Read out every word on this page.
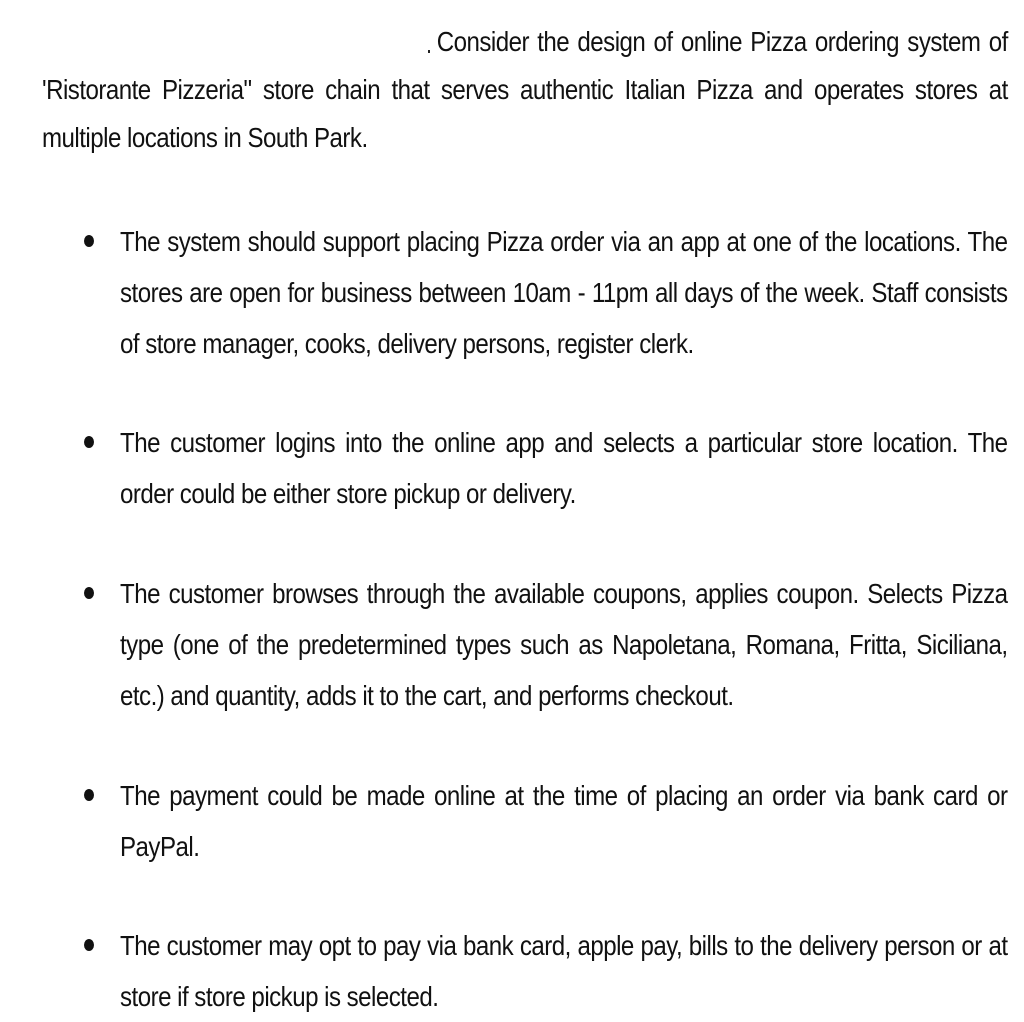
Consider the design of online Pizza ordering system of 'Ristorante Pizzeria" store chain that serves authentic Italian Pizza and operates stores at multiple locations in South Park.

The system should support placing Pizza order via an app at one of the locations. The stores are open for business between 10am - 11pm all days of the week. Staff consists of store manager, cooks, delivery persons, register clerk.

The customer logins into the online app and selects a particular store location. The order could be either store pickup or delivery.

The customer browses through the available coupons, applies coupon. Selects Pizza type (one of the predetermined types such as Napoletana, Romana, Fritta, Siciliana, etc.) and quantity, adds it to the cart, and performs checkout.

The payment could be made online at the time of placing an order via bank card or PayPal.

The customer may opt to pay via bank card, apple pay, bills to the delivery person or at store if store pickup is selected.
